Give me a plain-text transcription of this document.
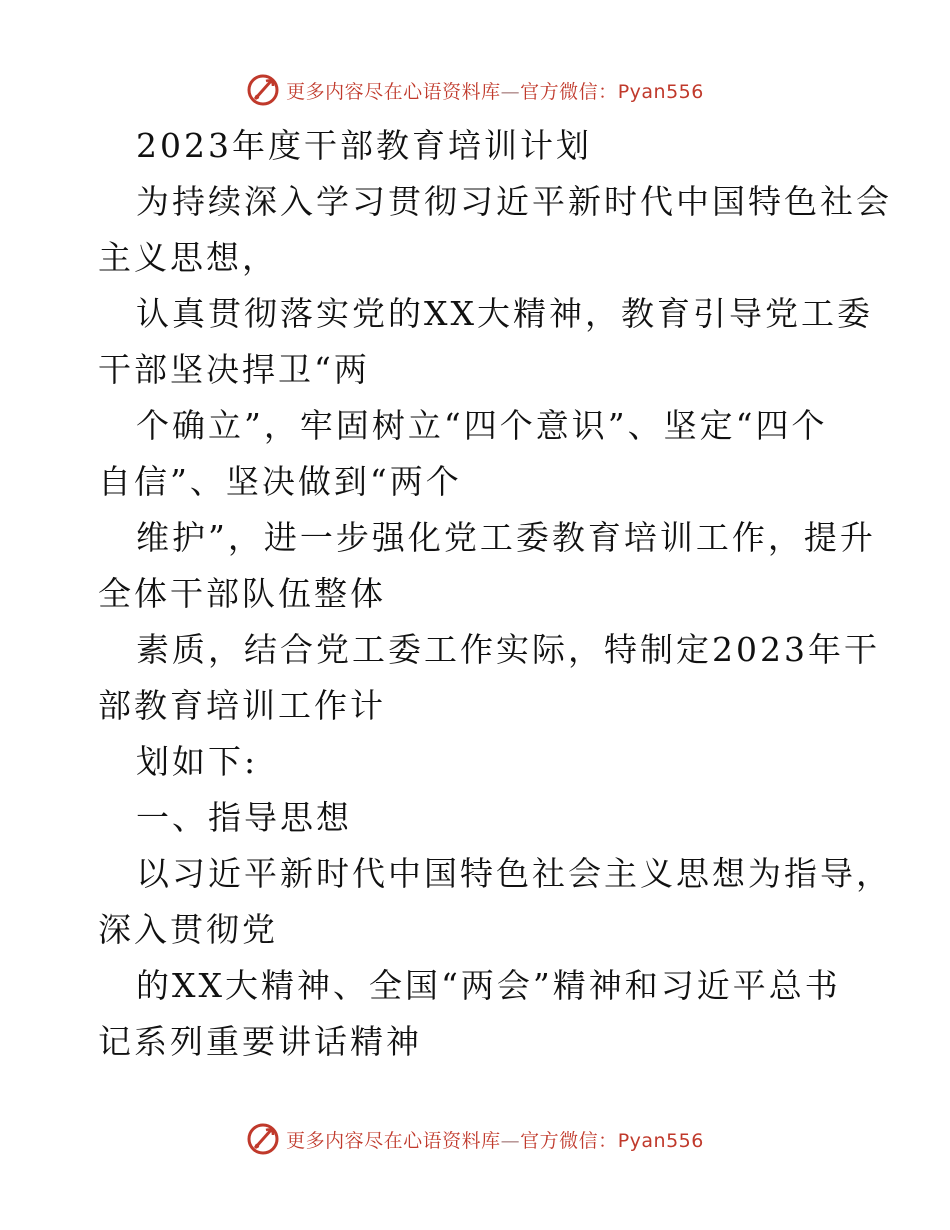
更多内容尽在心语资料库—官方微信：Pyan556
2023年度干部教育培训计划
为持续深入学习贯彻习近平新时代中国特色社会
主义思想，
认真贯彻落实党的XX大精神，教育引导党工委
干部坚决捍卫“两
个确立”，牢固树立“四个意识”、坚定“四个
自信”、坚决做到“两个
维护”，进一步强化党工委教育培训工作，提升
全体干部队伍整体
素质，结合党工委工作实际，特制定2023年干
部教育培训工作计
划如下:
一、指导思想
以习近平新时代中国特色社会主义思想为指导，
深入贯彻党
的XX大精神、全国“两会”精神和习近平总书
记系列重要讲话精神
更多内容尽在心语资料库—官方微信：Pyan556
